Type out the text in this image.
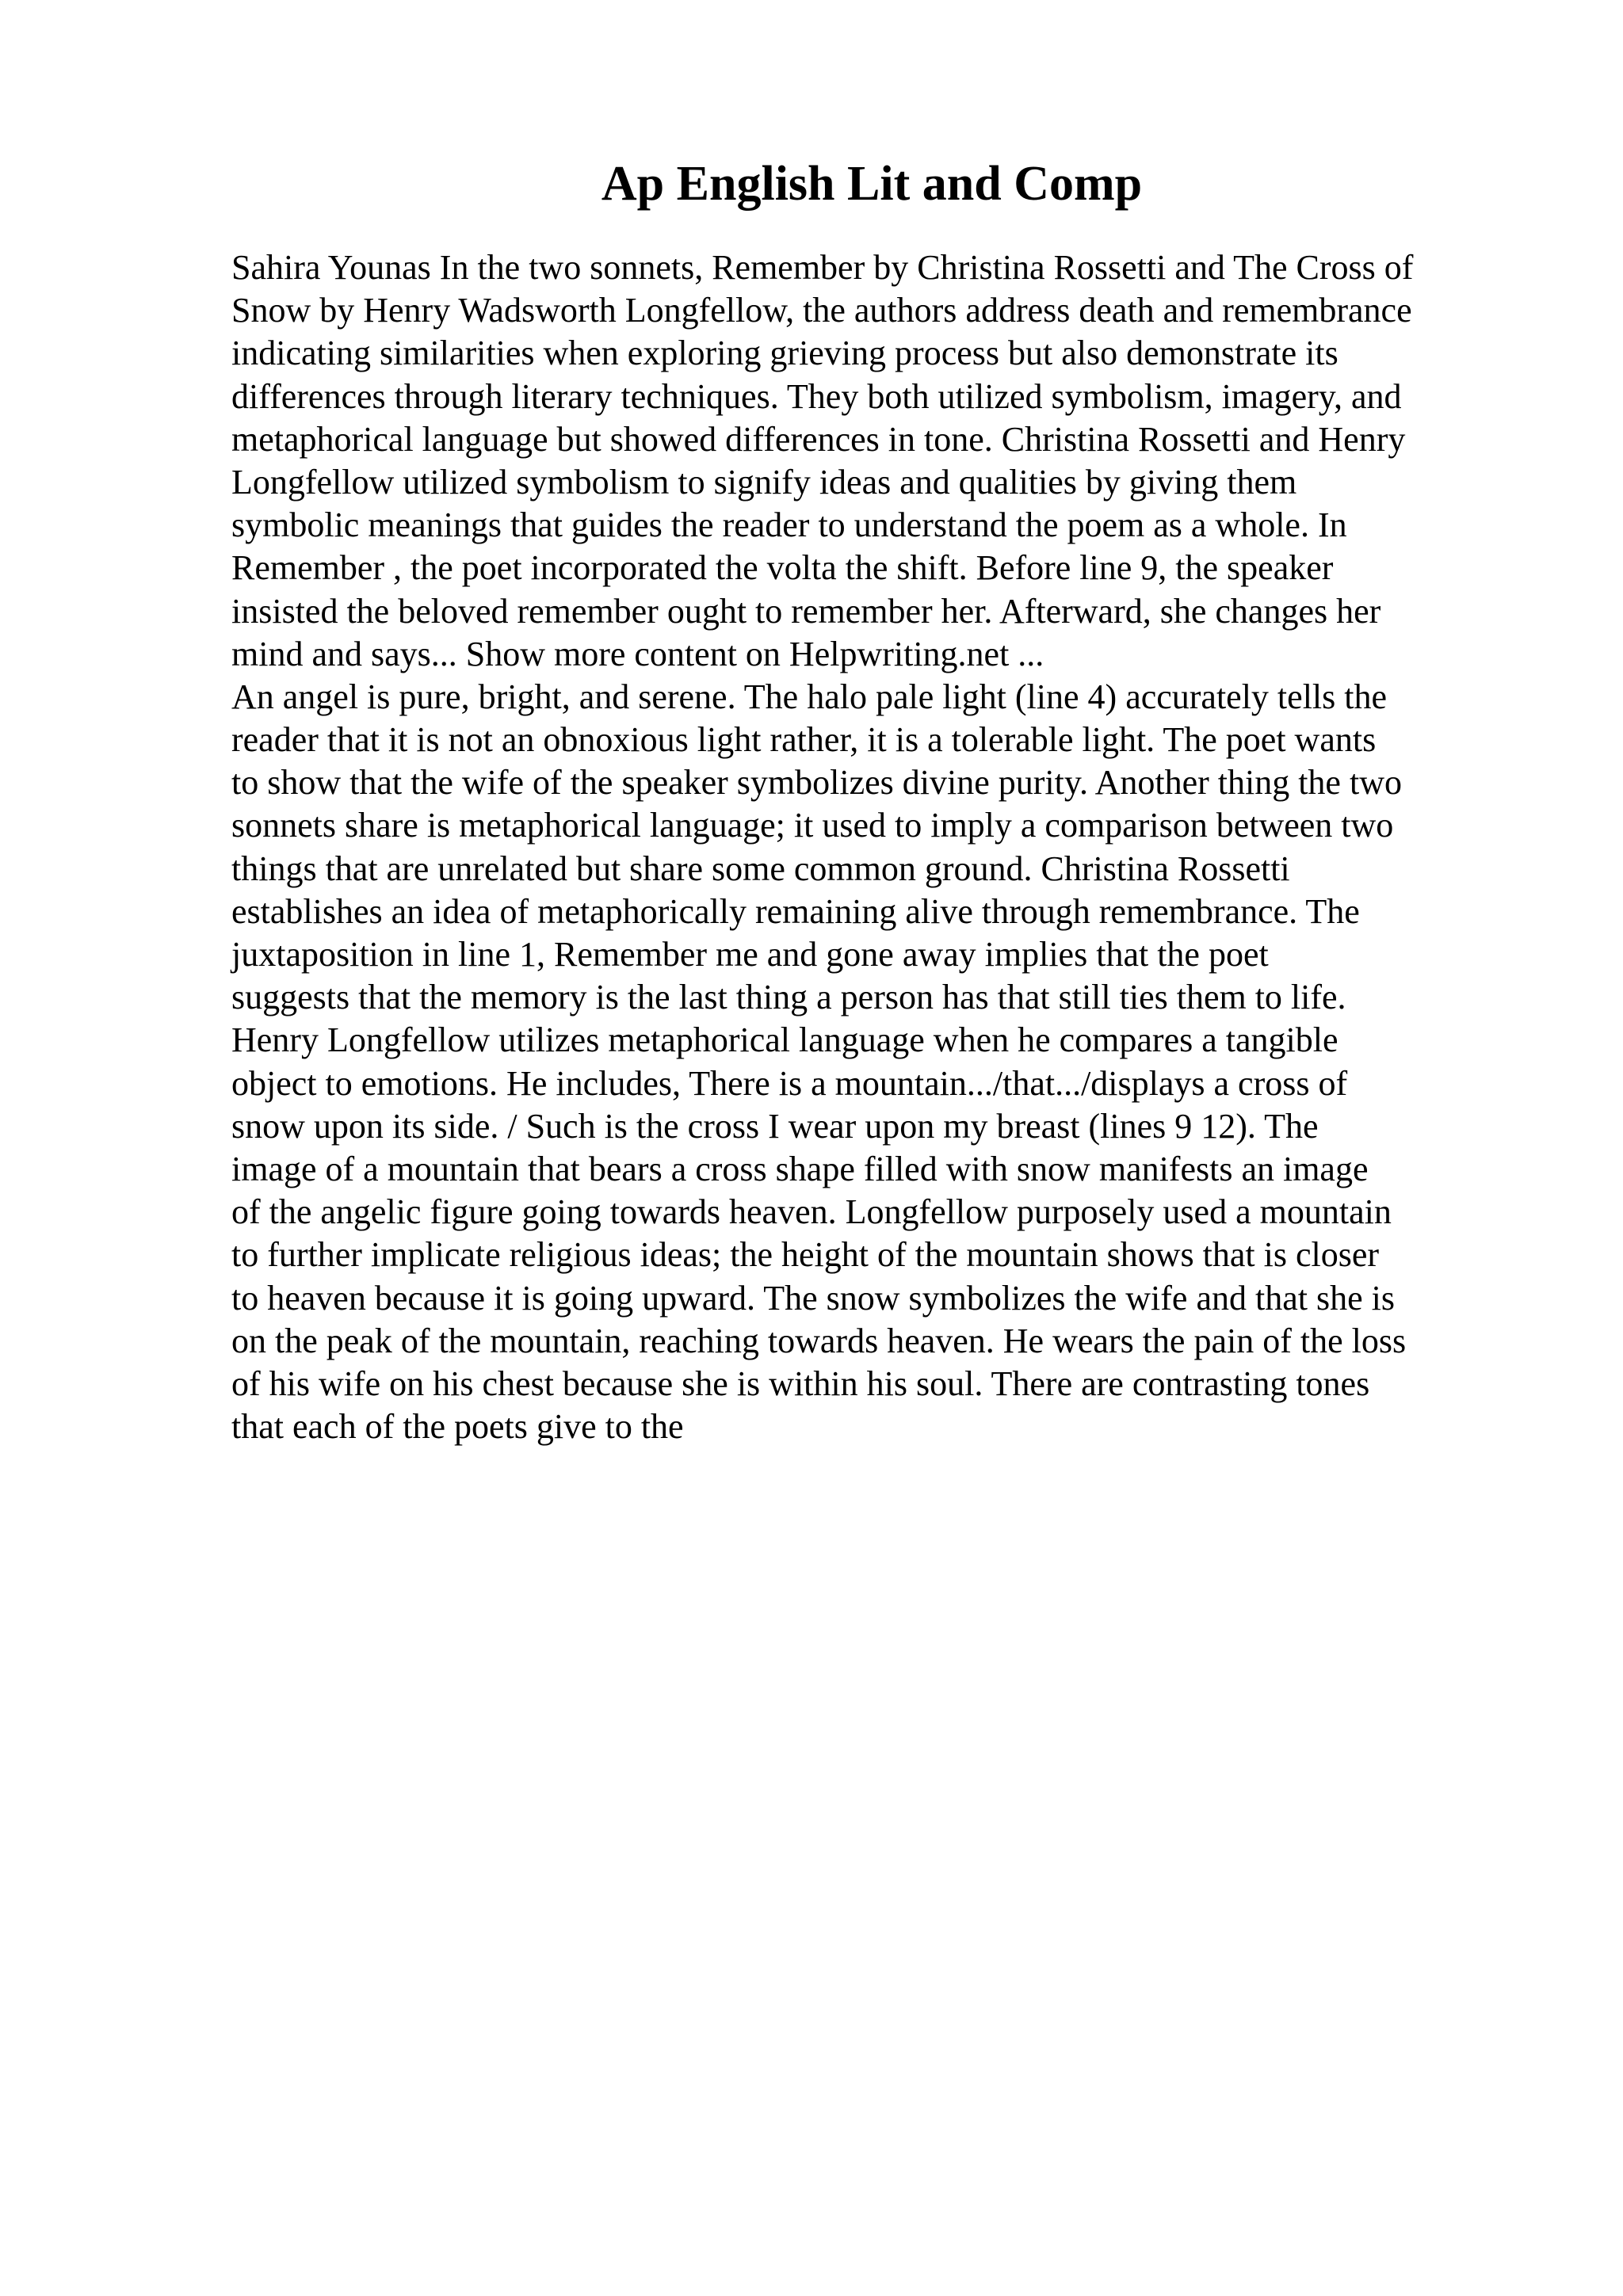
Ap English Lit and Comp
Sahira Younas In the two sonnets, Remember by Christina Rossetti and The Cross of
Snow by Henry Wadsworth Longfellow, the authors address death and remembrance
indicating similarities when exploring grieving process but also demonstrate its
differences through literary techniques. They both utilized symbolism, imagery, and
metaphorical language but showed differences in tone. Christina Rossetti and Henry
Longfellow utilized symbolism to signify ideas and qualities by giving them
symbolic meanings that guides the reader to understand the poem as a whole. In
Remember , the poet incorporated the volta the shift. Before line 9, the speaker
insisted the beloved remember ought to remember her. Afterward, she changes her
mind and says... Show more content on Helpwriting.net ...
An angel is pure, bright, and serene. The halo pale light (line 4) accurately tells the
reader that it is not an obnoxious light rather, it is a tolerable light. The poet wants
to show that the wife of the speaker symbolizes divine purity. Another thing the two
sonnets share is metaphorical language; it used to imply a comparison between two
things that are unrelated but share some common ground. Christina Rossetti
establishes an idea of metaphorically remaining alive through remembrance. The
juxtaposition in line 1, Remember me and gone away implies that the poet
suggests that the memory is the last thing a person has that still ties them to life.
Henry Longfellow utilizes metaphorical language when he compares a tangible
object to emotions. He includes, There is a mountain.../that.../displays a cross of
snow upon its side. / Such is the cross I wear upon my breast (lines 9 12). The
image of a mountain that bears a cross shape filled with snow manifests an image
of the angelic figure going towards heaven. Longfellow purposely used a mountain
to further implicate religious ideas; the height of the mountain shows that is closer
to heaven because it is going upward. The snow symbolizes the wife and that she is
on the peak of the mountain, reaching towards heaven. He wears the pain of the loss
of his wife on his chest because she is within his soul. There are contrasting tones
that each of the poets give to the
